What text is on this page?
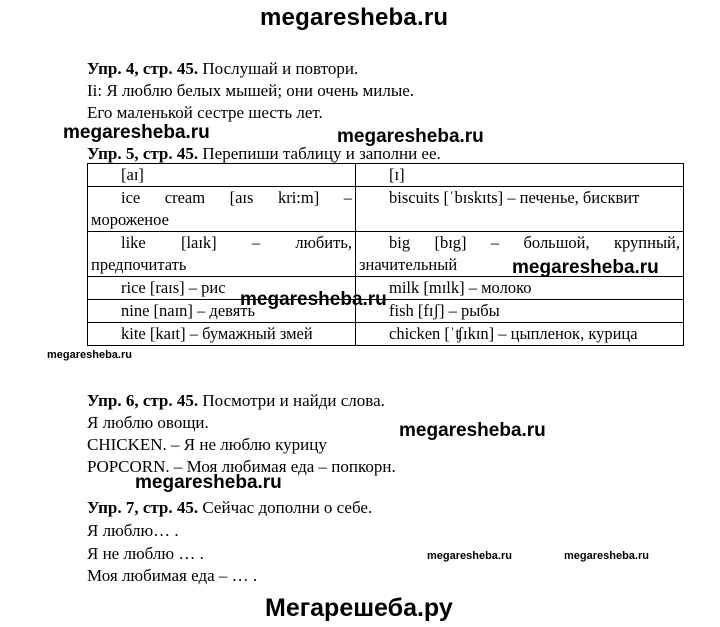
megaresheba.ru
Упр. 4, стр. 45. Послушай и повтори.
Ii: Я люблю белых мышей; они очень милые.
Его маленькой сестре шесть лет.
megaresheba.ru	megaresheba.ru
Упр. 5, стр. 45. Перепиши таблицу и заполни ее.
[aɪ]	[ɪ]
ice cream [aɪs kri:m] – мороженое	biscuits [ˈbɪskɪts] – печенье, бисквит
like [laɪk] – любить, предпочитать	big [bɪg] – большой, крупный, значительный
rice [raɪs] – рис	milk [mɪlk] – молоко
nine [naɪn] – девять	fish [fɪʃ] – рыбы
kite [kaɪt] – бумажный змей	chicken [ˈʧɪkɪn] – цыпленок, курица
megaresheba.ru
megaresheba.ru
megaresheba.ru
Упр. 6, стр. 45. Посмотри и найди слова.
Я люблю овощи.	megaresheba.ru
CHICKEN. – Я не люблю курицу
POPCORN. – Моя любимая еда – попкорн.
megaresheba.ru
Упр. 7, стр. 45. Сейчас дополни о себе.
Я люблю… .
Я не люблю … .	megaresheba.ru	megaresheba.ru
Моя любимая еда – … .
Мегарешеба.ру
